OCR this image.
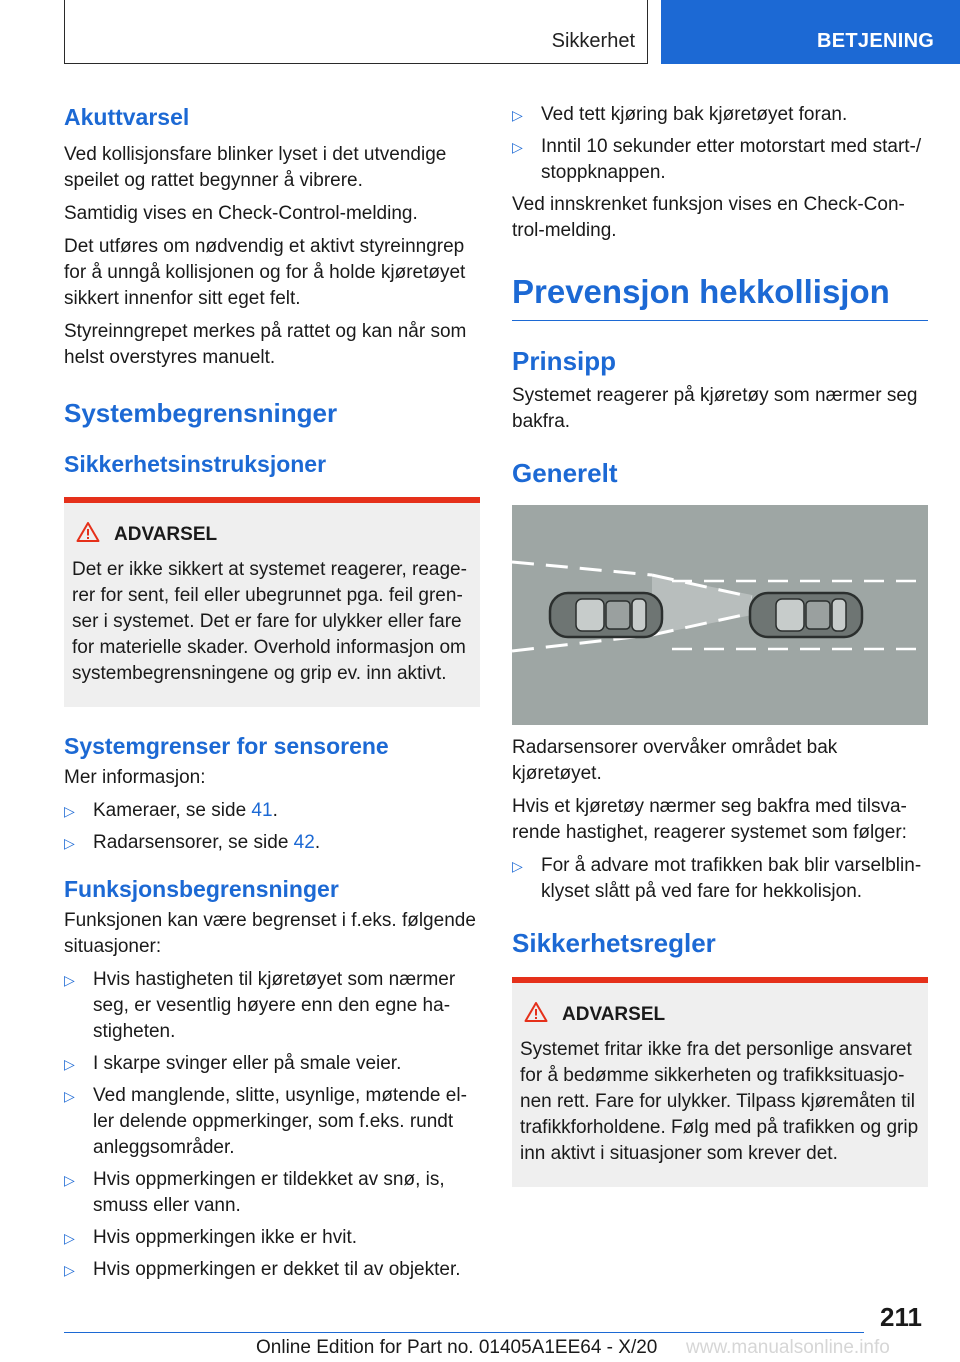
Sikkerhet	BETJENING
Akuttvarsel

Ved kollisjonsfare blinker lyset i det utvendige speilet og rattet begynner å vibrere.

Samtidig vises en Check-Control-melding.

Det utføres om nødvendig et aktivt styreinngrep for å unngå kollisjonen og for å holde kjøretøyet sikkert innenfor sitt eget felt.

Styreinngrepet merkes på rattet og kan når som helst overstyres manuelt.

Systembegrensninger
Sikkerhetsinstruksjoner
ADVARSEL

Det er ikke sikkert at systemet reagerer, reagerer for sent, feil eller ubegrunnet pga. feil grenser i systemet. Det er fare for ulykker eller fare for materielle skader. Overhold informasjon om systembegrensningene og grip ev. inn aktivt.

Systemgrenser for sensorene

Mer informasjon:

▷ Kameraer, se side 41.
▷ Radarsensorer, se side 42.
Funksjonsbegrensninger

Funksjonen kan være begrenset i f.eks. følgende situasjoner:

▷ Hvis hastigheten til kjøretøyet som nærmer seg, er vesentlig høyere enn den egne hastigheten.
▷ I skarpe svinger eller på smale veier.
▷ Ved manglende, slitte, usynlige, møtende eller delende oppmerkinger, som f.eks. rundt anleggsområder.
▷ Hvis oppmerkingen er tildekket av snø, is, smuss eller vann.
▷ Hvis oppmerkingen ikke er hvit.
▷ Hvis oppmerkingen er dekket til av objekter.
▷ Ved tett kjøring bak kjøretøyet foran.
▷ Inntil 10 sekunder etter motorstart med start-/ stoppknappen.

Ved innskrenket funksjon vises en Check-Control-melding.

Prevensjon hekkollisjon
Prinsipp

Systemet reagerer på kjøretøy som nærmer seg bakfra.

Generelt

Radarsensorer overvåker området bak kjøretøyet.

Hvis et kjøretøy nærmer seg bakfra med tilsvarende hastighet, reagerer systemet som følger:

▷ For å advare mot trafikken bak blir varselblinklyset slått på ved fare for hekkolisjon.
Sikkerhetsregler
ADVARSEL

Systemet fritar ikke fra det personlige ansvaret for å bedømme sikkerheten og trafikksituasjonen rett. Fare for ulykker. Tilpass kjøremåten til trafikkforholdene. Følg med på trafikken og grip inn aktivt i situasjoner som krever det.

211
Online Edition for Part no. 01405A1EE64 - X/20 www.manualsonline.info
